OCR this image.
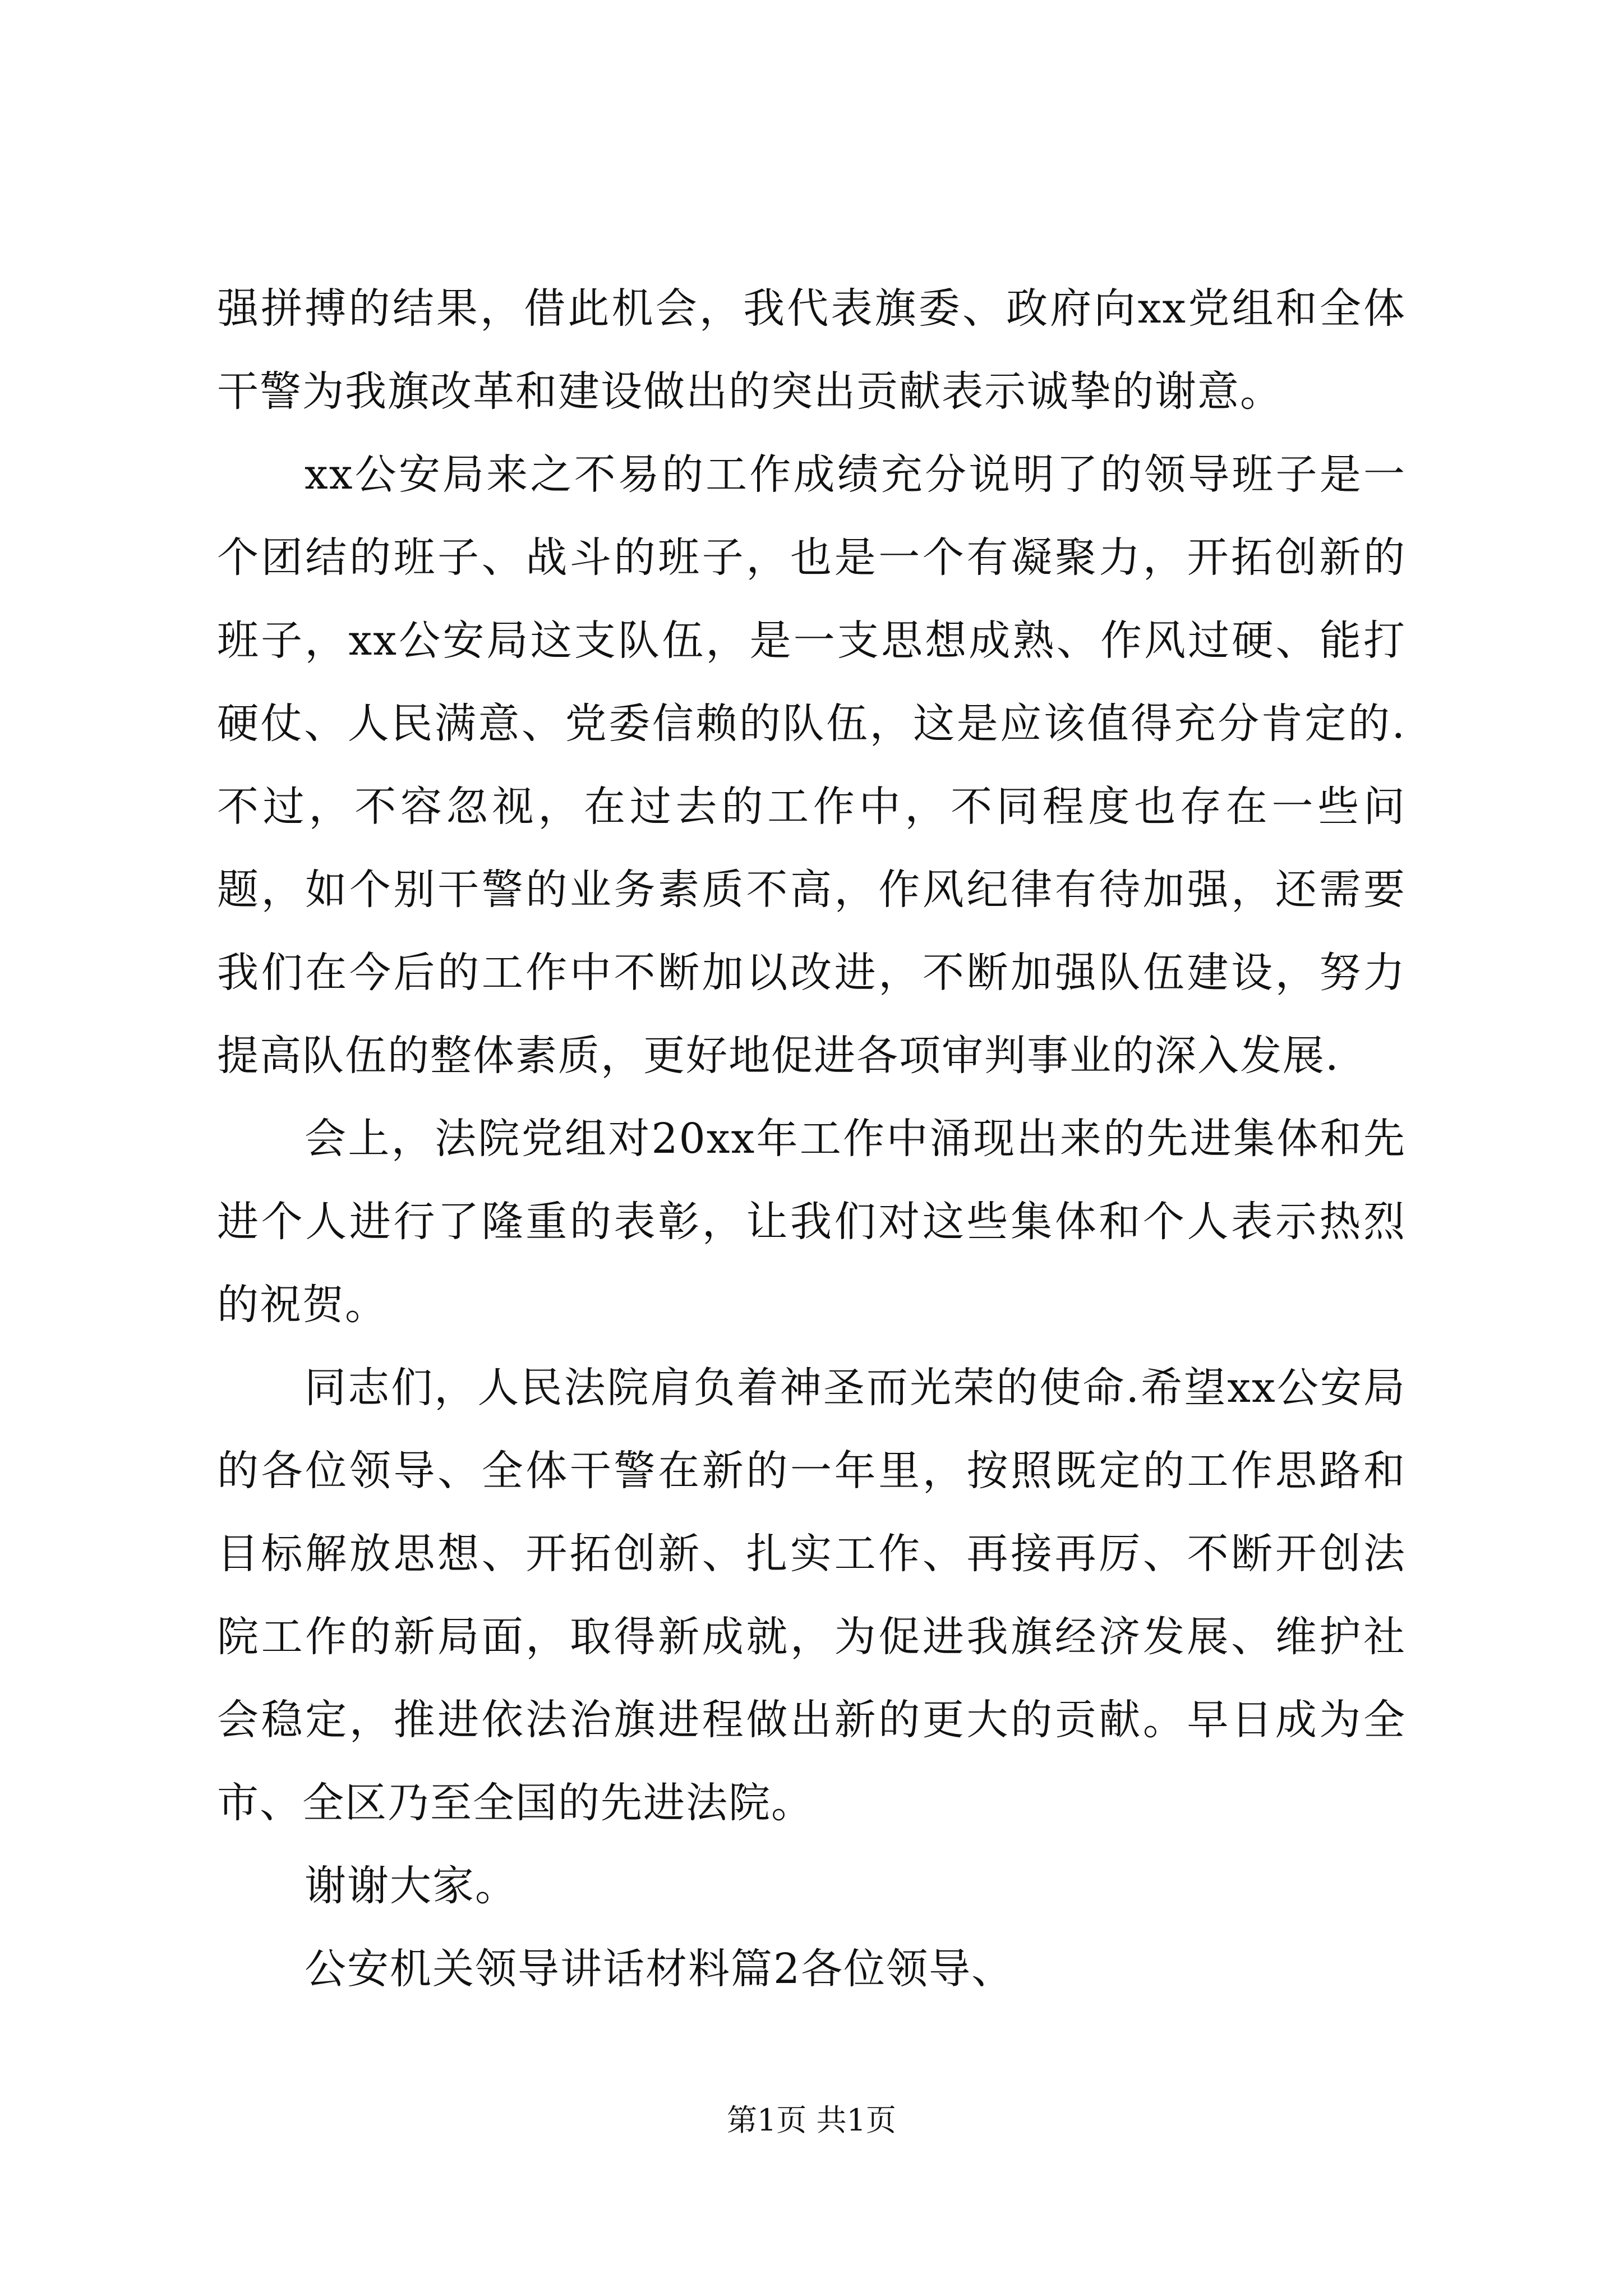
强拼搏的结果，借此机会，我代表旗委、政府向xx党组和全体干警为我旗改革和建设做出的突出贡献表示诚挚的谢意。

xx公安局来之不易的工作成绩充分说明了的领导班子是一个团结的班子、战斗的班子，也是一个有凝聚力，开拓创新的班子，xx公安局这支队伍，是一支思想成熟、作风过硬、能打硬仗、人民满意、党委信赖的队伍，这是应该值得充分肯定的.不过，不容忽视，在过去的工作中，不同程度也存在一些问题，如个别干警的业务素质不高，作风纪律有待加强，还需要我们在今后的工作中不断加以改进，不断加强队伍建设，努力提高队伍的整体素质，更好地促进各项审判事业的深入发展.

会上，法院党组对20xx年工作中涌现出来的先进集体和先进个人进行了隆重的表彰，让我们对这些集体和个人表示热烈的祝贺。

同志们，人民法院肩负着神圣而光荣的使命.希望xx公安局的各位领导、全体干警在新的一年里，按照既定的工作思路和目标解放思想、开拓创新、扎实工作、再接再厉、不断开创法院工作的新局面，取得新成就，为促进我旗经济发展、维护社会稳定，推进依法治旗进程做出新的更大的贡献。早日成为全市、全区乃至全国的先进法院。

谢谢大家。

公安机关领导讲话材料篇2各位领导、

第1页 共1页
